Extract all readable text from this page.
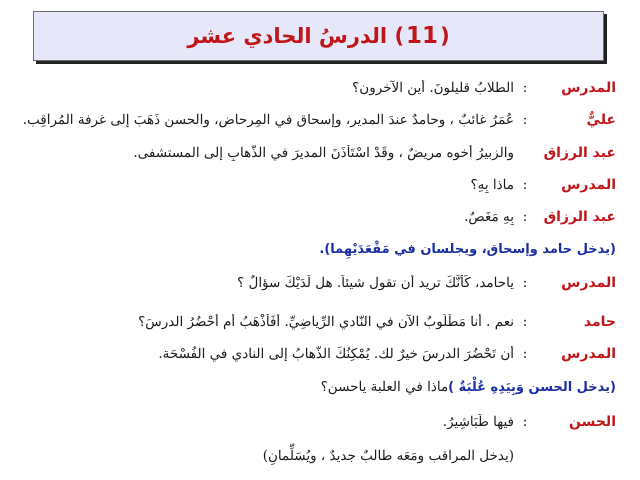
(11) الدرسُ الحادي عشر
المدرس
:
الطلابُ قليلونَ. أين الآخرون؟
عليٌّ
:
عُمَرُ غائبٌ ، وحامدٌ عندَ المديرِ، وإسحاق في المِرحاض، والحسن ذَهَبَ إلى غرفة المُراقِب.
عبد الرزاق
والزبيرُ أخوه مريضٌ ، وقَدْ اسْتَأْذَنَ المديرَ في الذّهابِ إلى المستشفى.
المدرس
:
ماذا بِهِ؟
عبد الرزاق
:
بِهِ مَغَصٌ.
(يدخل حامد وإسحاق، ويجلسان في مَقْعَدَيْهِما).
المدرس
:
ياحامد، كَأَنَّكَ تريد أن تقول شيئاً. هل لَدَيْكَ سؤالٌ ؟
حامد
:
نعم . أنا مَطْلُوبٌ الآن في النّادي الرِّياضِيِّ. أَفَأَذْهَبُ أم أَحْضُرُ الدرسَ؟
المدرس
:
أن تَحْضُرَ الدرسَ خيرٌ لك. يُمْكِنُكَ الذَّهابُ إلى النادي في الفُسْحَة.
(يدخل الحسن وَبِيَدِهِ عُلْبَةٌ )
ماذا في العلبة ياحسن؟
الحسن
:
فيها طَبَاشِيرُ.
(يدخل المراقب ومَعَه طالبٌ جديدٌ ، ويُسَلِّمانِ)
